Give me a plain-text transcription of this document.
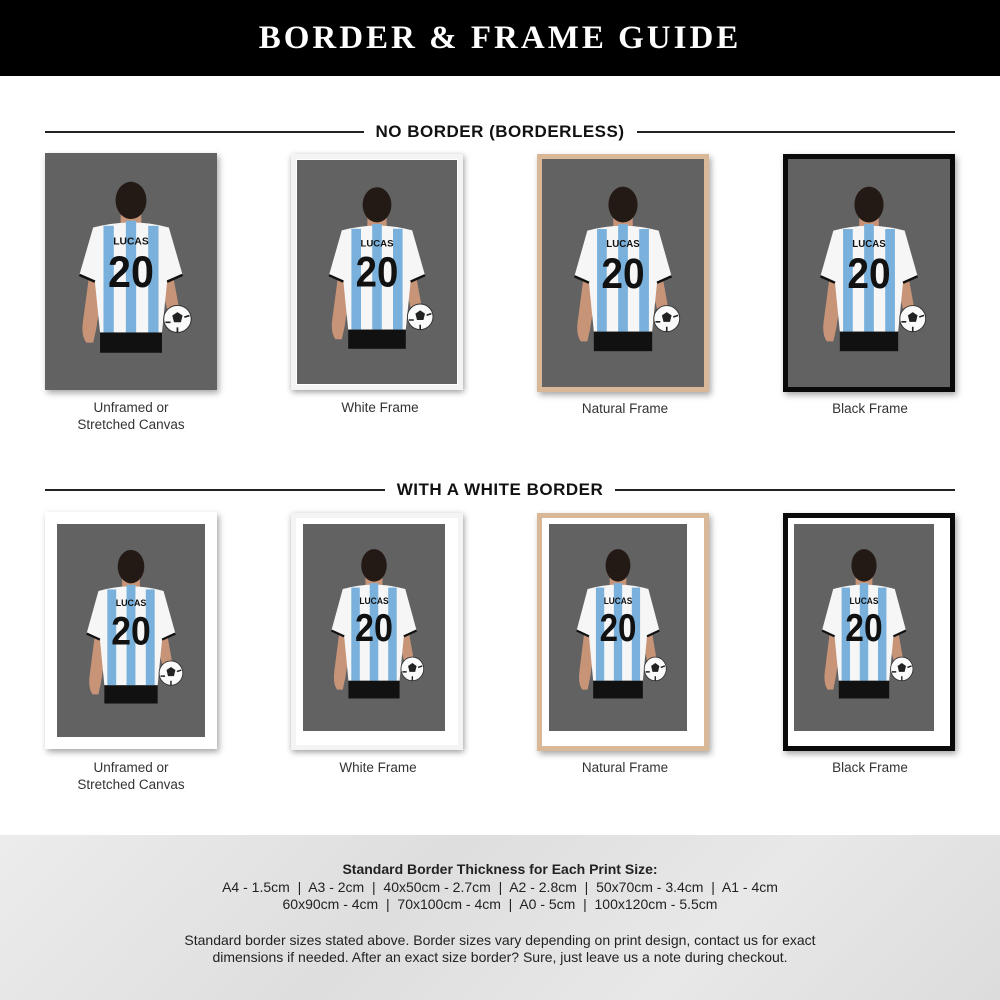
BORDER & FRAME GUIDE
NO BORDER (BORDERLESS)
LUCAS
20
Unframed or
Stretched Canvas
LUCAS
20
White Frame
LUCAS
20
Natural Frame
LUCAS
20
Black Frame
WITH A WHITE BORDER
LUCAS
20
Unframed or
Stretched Canvas
LUCAS
20
White Frame
LUCAS
20
Natural Frame
LUCAS
20
Black Frame
Standard Border Thickness for Each Print Size:
A4 - 1.5cm  |  A3 - 2cm  |  40x50cm - 2.7cm  |  A2 - 2.8cm  |  50x70cm - 3.4cm  |  A1 - 4cm
60x90cm - 4cm  |  70x100cm - 4cm  |  A0 - 5cm  |  100x120cm - 5.5cm
Standard border sizes stated above. Border sizes vary depending on print design, contact us for exact
dimensions if needed. After an exact size border? Sure, just leave us a note during checkout.
